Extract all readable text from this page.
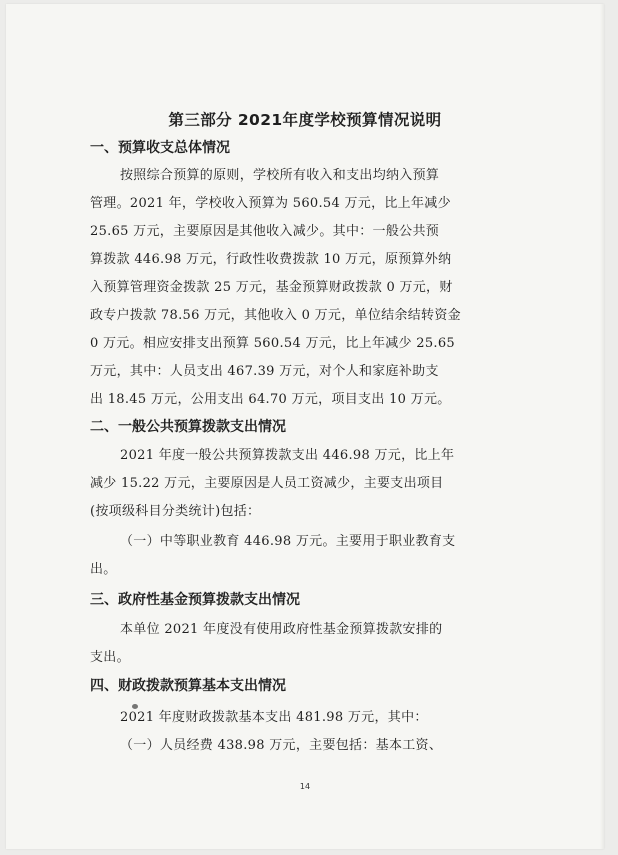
第三部分 2021年度学校预算情况说明
一、预算收支总体情况

按照综合预算的原则，学校所有收入和支出均纳入预算

管理。2021 年，学校收入预算为 560.54 万元，比上年减少

25.65 万元，主要原因是其他收入减少。其中：一般公共预

算拨款 446.98 万元，行政性收费拨款 10 万元，原预算外纳

入预算管理资金拨款 25 万元，基金预算财政拨款 0 万元，财

政专户拨款 78.56 万元，其他收入 0 万元，单位结余结转资金

0 万元。相应安排支出预算 560.54 万元，比上年减少 25.65

万元，其中：人员支出 467.39 万元，对个人和家庭补助支

出 18.45 万元，公用支出 64.70 万元，项目支出 10 万元。

二、一般公共预算拨款支出情况

2021 年度一般公共预算拨款支出 446.98 万元，比上年

减少 15.22 万元，主要原因是人员工资减少，主要支出项目

(按项级科目分类统计)包括：

（一）中等职业教育 446.98 万元。主要用于职业教育支

出。

三、政府性基金预算拨款支出情况

本单位 2021 年度没有使用政府性基金预算拨款安排的

支出。

四、财政拨款预算基本支出情况

2021 年度财政拨款基本支出 481.98 万元，其中：

（一）人员经费 438.98 万元，主要包括：基本工资、

14
